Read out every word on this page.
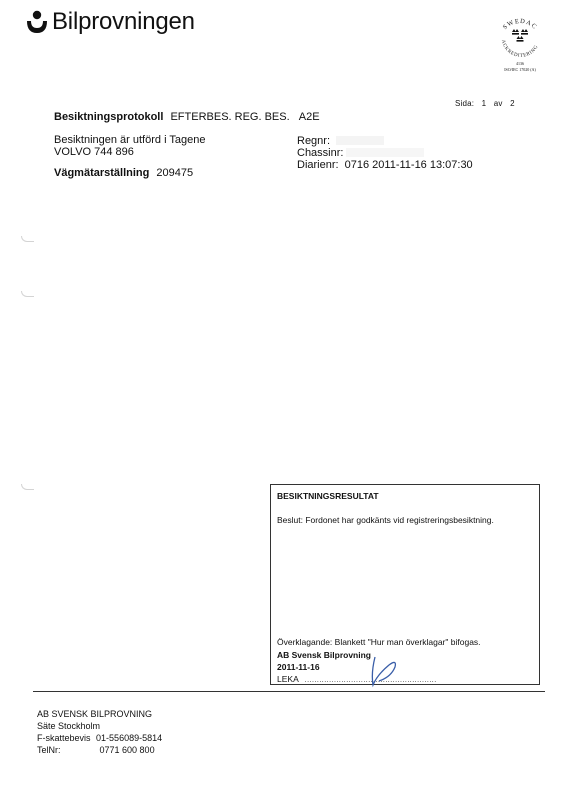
Bilprovningen	SWEDAC
ACKREDITERING
4136
ISO/IEC 17020 (A)
Sida: 1 av 2
Besiktningsprotokoll EFTERBES. REG. BES. A2E
Besiktningen är utförd i Tagene
VOLVO 744 896
Vägmätarställning 209475
Regnr:
Chassinr:
Diarienr: 0716 2011-11-16 13:07:30
BESIKTNINGSRESULTAT
Beslut: Fordonet har godkänts vid registreringsbesiktning.
Överklagande: Blankett "Hur man överklagar" bifogas.
AB Svensk Bilprovning
2011-11-16
LEKA ......................................................
AB SVENSK BILPROVNING
Säte Stockholm
F-skattebevis 01-556089-5814
TelNr:	0771 600 800
